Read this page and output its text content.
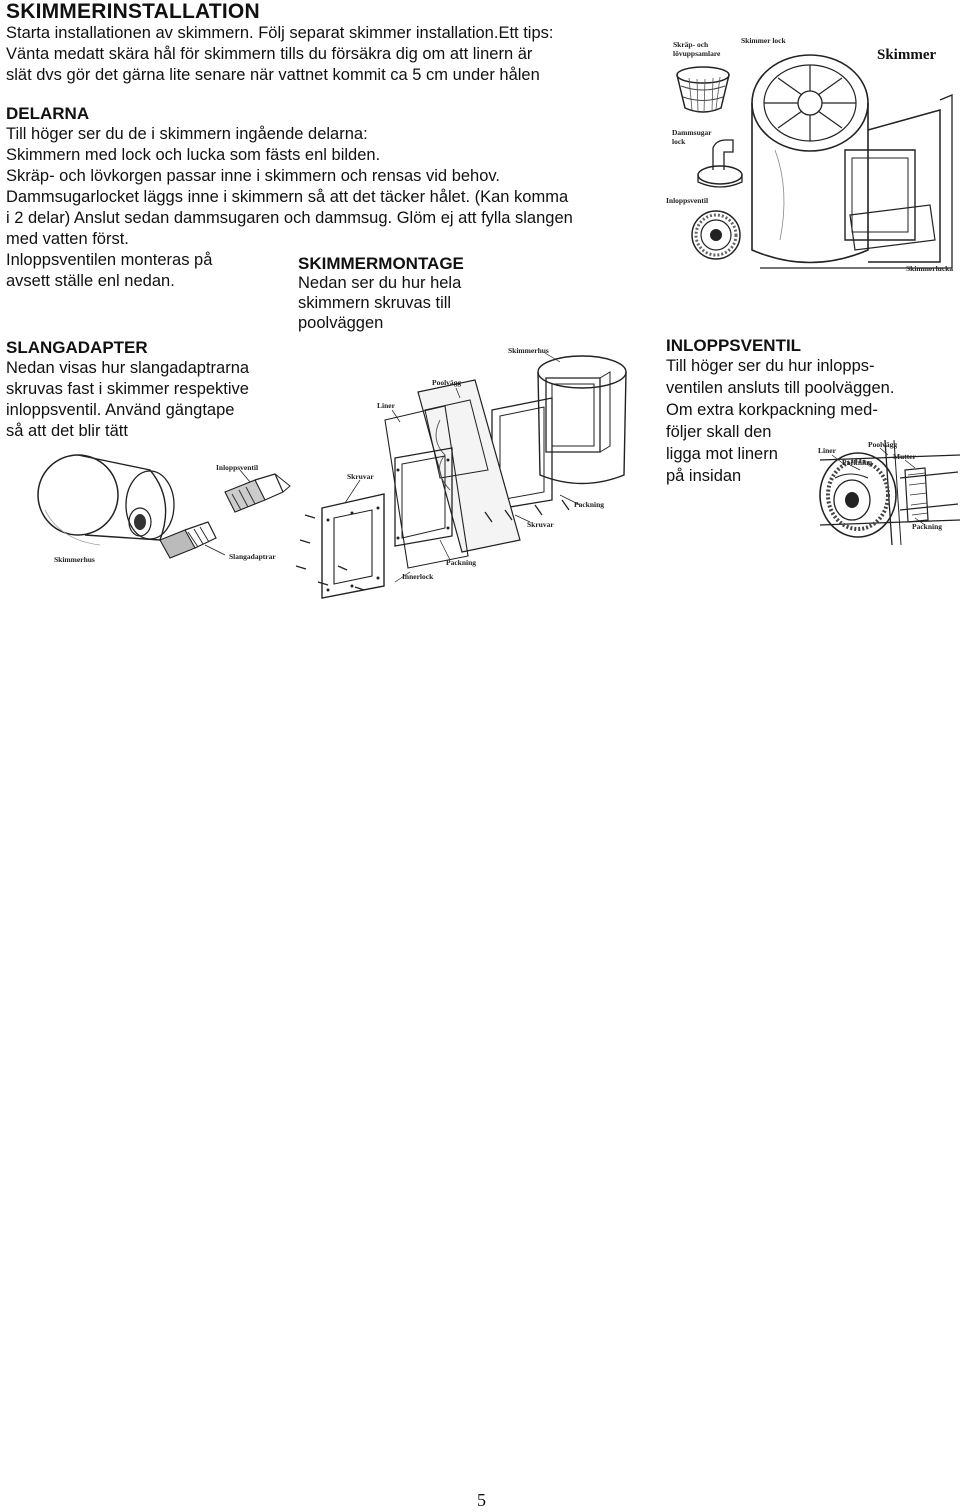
SKIMMERINSTALLATION
Starta installationen av skimmern. Följ separat skimmer installation.Ett tips:
Vänta medatt skära hål för skimmern tills du försäkra dig om att linern är
slät dvs gör det gärna lite senare när vattnet kommit ca 5 cm under hålen
DELARNA
Till höger ser du de i skimmern ingående delarna:
Skimmern med lock och lucka som fästs enl bilden.
Skräp- och lövkorgen passar inne i skimmern och rensas vid behov.
Dammsugarlocket läggs inne i skimmern så att det täcker hålet. (Kan komma
i 2 delar) Anslut sedan dammsugaren och dammsug. Glöm ej att fylla slangen
med vatten först.
Inloppsventilen monteras på
avsett ställe enl nedan.
SKIMMERMONTAGE
Nedan ser du hur hela
skimmern skruvas till
poolväggen
SLANGADAPTER
Nedan visas hur slangadaptrarna
skruvas fast i skimmer respektive
inloppsventil. Använd gängtape
så att det blir tätt
INLOPPSVENTIL
Till höger ser du hur inlopps-
ventilen ansluts till poolväggen.
Om extra korkpackning med-
följer skall den
ligga mot linern
på insidan
Skräp- och
lövuppsamlare
Skimmer lock
Skimmer
Dammsugar
lock
Inloppsventil
Skimmerlucka
Inloppsventil
Skimmerhus	Slangadaptrar
Skimmerhus
Poolvägg
Liner
Skruvar
Packning
Skruvar
Packning
Innerlock
Liner
Poolvägg
Packning
Mutter
Packning
5
